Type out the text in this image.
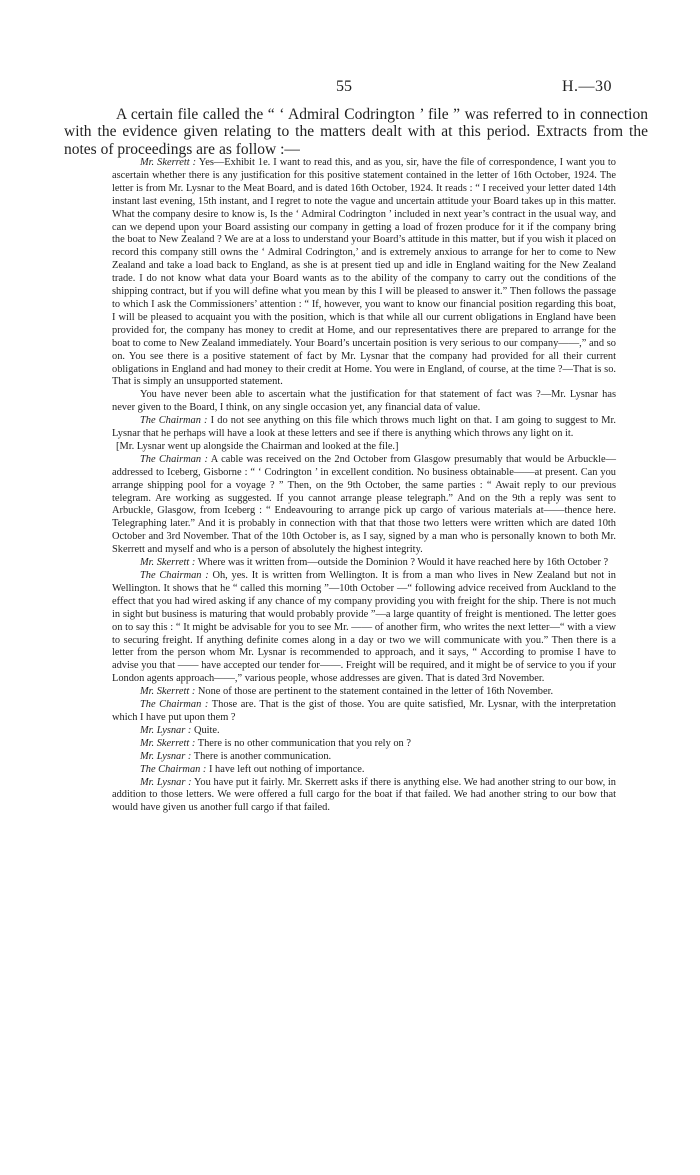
55	H.—30

A certain file called the “ ‘ Admiral Codrington ’ file ” was referred to in connection with the evidence given relating to the matters dealt with at this period. Extracts from the notes of proceedings are as follow :—

Mr. Skerrett : Yes—Exhibit 1e. I want to read this, and as you, sir, have the file of correspondence, I want you to ascertain whether there is any justification for this positive statement contained in the letter of 16th October, 1924. The letter is from Mr. Lysnar to the Meat Board, and is dated 16th October, 1924. It reads : “ I received your letter dated 14th instant last evening, 15th instant, and I regret to note the vague and uncertain attitude your Board takes up in this matter. What the company desire to know is, Is the ‘ Admiral Codrington ’ included in next year’s contract in the usual way, and can we depend upon your Board assisting our company in getting a load of frozen produce for it if the company bring the boat to New Zealand ? We are at a loss to understand your Board’s attitude in this matter, but if you wish it placed on record this company still owns the ‘ Admiral Codrington,’ and is extremely anxious to arrange for her to come to New Zealand and take a load back to England, as she is at present tied up and idle in England waiting for the New Zealand trade. I do not know what data your Board wants as to the ability of the company to carry out the conditions of the shipping contract, but if you will define what you mean by this I will be pleased to answer it.” Then follows the passage to which I ask the Commissioners’ attention : “ If, however, you want to know our financial position regarding this boat, I will be pleased to acquaint you with the position, which is that while all our current obligations in England have been provided for, the company has money to credit at Home, and our representatives there are prepared to arrange for the boat to come to New Zealand immediately. Your Board’s uncertain position is very serious to our company——,” and so on. You see there is a positive statement of fact by Mr. Lysnar that the company had provided for all their current obligations in England and had money to their credit at Home. You were in England, of course, at the time ?—That is so. That is simply an unsupported statement.

You have never been able to ascertain what the justification for that statement of fact was ?—Mr. Lysnar has never given to the Board, I think, on any single occasion yet, any financial data of value.

The Chairman : I do not see anything on this file which throws much light on that. I am going to suggest to Mr. Lysnar that he perhaps will have a look at these letters and see if there is anything which throws any light on it.

[Mr. Lysnar went up alongside the Chairman and looked at the file.]

The Chairman : A cable was received on the 2nd October from Glasgow presumably that would be Arbuckle—addressed to Iceberg, Gisborne : “ ‘ Codrington ’ in excellent condition. No business obtainable——at present. Can you arrange shipping pool for a voyage ? ” Then, on the 9th October, the same parties : “ Await reply to our previous telegram. Are working as suggested. If you cannot arrange please telegraph.” And on the 9th a reply was sent to Arbuckle, Glasgow, from Iceberg : “ Endeavouring to arrange pick up cargo of various materials at——thence here. Telegraphing later.” And it is probably in connection with that that those two letters were written which are dated 10th October and 3rd November. That of the 10th October is, as I say, signed by a man who is personally known to both Mr. Skerrett and myself and who is a person of absolutely the highest integrity.

Mr. Skerrett : Where was it written from—outside the Dominion ? Would it have reached here by 16th October ?

The Chairman : Oh, yes. It is written from Wellington. It is from a man who lives in New Zealand but not in Wellington. It shows that he “ called this morning ”—10th October —“ following advice received from Auckland to the effect that you had wired asking if any chance of my company providing you with freight for the ship. There is not much in sight but business is maturing that would probably provide ”—a large quantity of freight is mentioned. The letter goes on to say this : “ It might be advisable for you to see Mr. —— of another firm, who writes the next letter—“ with a view to securing freight. If anything definite comes along in a day or two we will communicate with you.” Then there is a letter from the person whom Mr. Lysnar is recommended to approach, and it says, “ According to promise I have to advise you that —— have accepted our tender for——. Freight will be required, and it might be of service to you if your London agents approach——,” various people, whose addresses are given. That is dated 3rd November.

Mr. Skerrett : None of those are pertinent to the statement contained in the letter of 16th November.

The Chairman : Those are. That is the gist of those. You are quite satisfied, Mr. Lysnar, with the interpretation which I have put upon them ?

Mr. Lysnar : Quite.

Mr. Skerrett : There is no other communication that you rely on ?

Mr. Lysnar : There is another communication.

The Chairman : I have left out nothing of importance.

Mr. Lysnar : You have put it fairly. Mr. Skerrett asks if there is anything else. We had another string to our bow, in addition to those letters. We were offered a full cargo for the boat if that failed. We had another string to our bow that would have given us another full cargo if that failed.
